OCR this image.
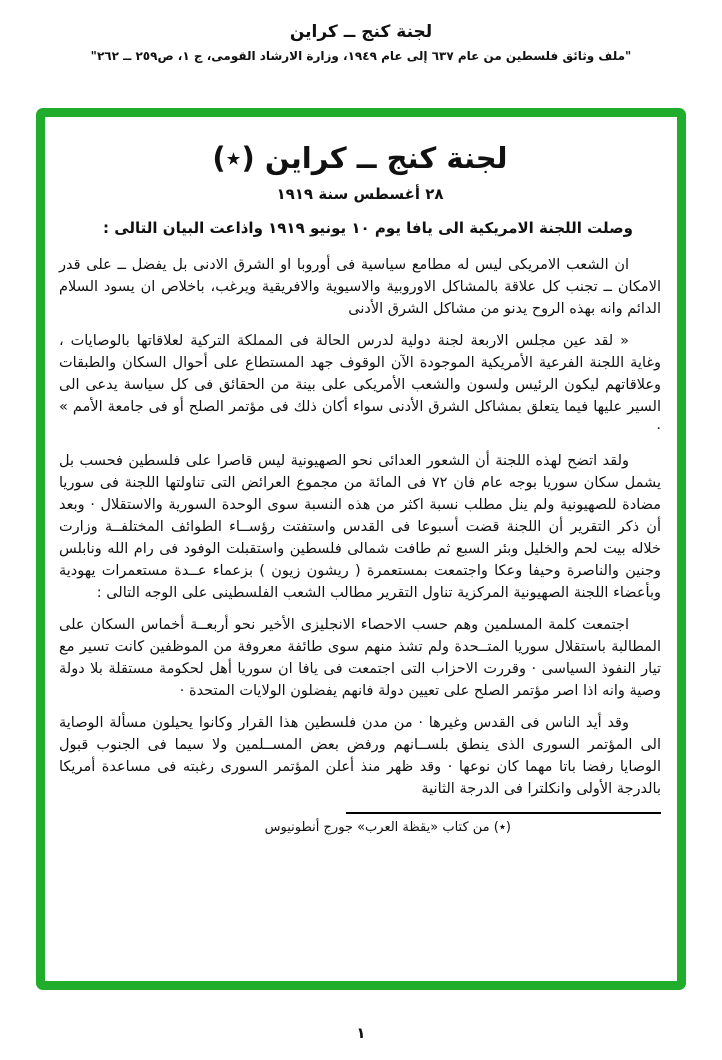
لجنة كنج ــ كراين
"ملف وثائق فلسطين من عام ٦٣٧ إلى عام ١٩٤٩، وزارة الارشاد القومى، ج ١، ص٢٥٩ ــ ٢٦٢"
لجنة كنج ــ كراين (٭)
٢٨ أغسطس سنة ١٩١٩

وصلت اللجنة الامريكية الى يافا يوم ١٠ يونيو ١٩١٩ واذاعت البيان التالى :

ان الشعب الامريكى ليس له مطامع سياسية فى أوروبا او الشرق الادنى بل يفضل ــ على قدر الامكان ــ تجنب كل علاقة بالمشاكل الاوروبية والاسيوية والافريقية ويرغب، باخلاص ان يسود السلام الدائم وانه بهذه الروح يدنو من مشاكل الشرق الأدنى

« لقد عين مجلس الاربعة لجنة دولية لدرس الحالة فى المملكة التركية لعلاقاتها بالوصايات ، وغاية اللجنة الفرعية الأمريكية الموجودة الآن الوقوف جهد المستطاع على أحوال السكان والطبقات وعلاقاتهم ليكون الرئيس ولسون والشعب الأمريكى على بينة من الحقائق فى كل سياسة يدعى الى السير عليها فيما يتعلق بمشاكل الشرق الأدنى سواء أكان ذلك فى مؤتمر الصلح أو فى جامعة الأمم » ·

ولقد اتضح لهذه اللجنة أن الشعور العدائى نحو الصهيونية ليس قاصرا على فلسطين فحسب بل يشمل سكان سوريا بوجه عام فان ٧٢ فى المائة من مجموع العرائض التى تناولتها اللجنة فى سوريا مضادة للصهيونية ولم ينل مطلب نسبة اكثر من هذه النسبة سوى الوحدة السورية والاستقلال · وبعد أن ذكر التقرير أن اللجنة قضت أسبوعا فى القدس واستفتت رؤســاء الطوائف المختلفــة وزارت خلاله بيت لحم والخليل وبئر السبع ثم طافت شمالى فلسطين واستقبلت الوفود فى رام الله ونابلس وجنين والناصرة وحيفا وعكا واجتمعت بمستعمرة ( ريشون زيون ) بزعماء عــدة مستعمرات يهودية وبأعضاء اللجنة الصهيونية المركزية تناول التقرير مطالب الشعب الفلسطينى على الوجه التالى :

اجتمعت كلمة المسلمين وهم حسب الاحصاء الانجليزى الأخير نحو أربعــة أخماس السكان على المطالبة باستقلال سوريا المتــحدة ولم تشذ منهم سوى طائفة معروفة من الموظفين كانت تسير مع تيار النفوذ السياسى · وقررت الاحزاب التى اجتمعت فى يافا ان سوريا أهل لحكومة مستقلة بلا دولة وصية وانه اذا اصر مؤتمر الصلح على تعيين دولة فانهم يفضلون الولايات المتحدة ·

وقد أيد الناس فى القدس وغيرها · من مدن فلسطين هذا القرار وكانوا يحيلون مسألة الوصاية الى المؤتمر السورى الذى ينطق بلســانهم ورفض بعض المســلمين ولا سيما فى الجنوب قبول الوصايا رفضا باتا مهما كان نوعها · وقد ظهر منذ أعلن المؤتمر السورى رغبته فى مساعدة أمريكا بالدرجة الأولى وانكلترا فى الدرجة الثانية

(٭) من كتاب «يقظة العرب» جورج أنطونيوس
١
